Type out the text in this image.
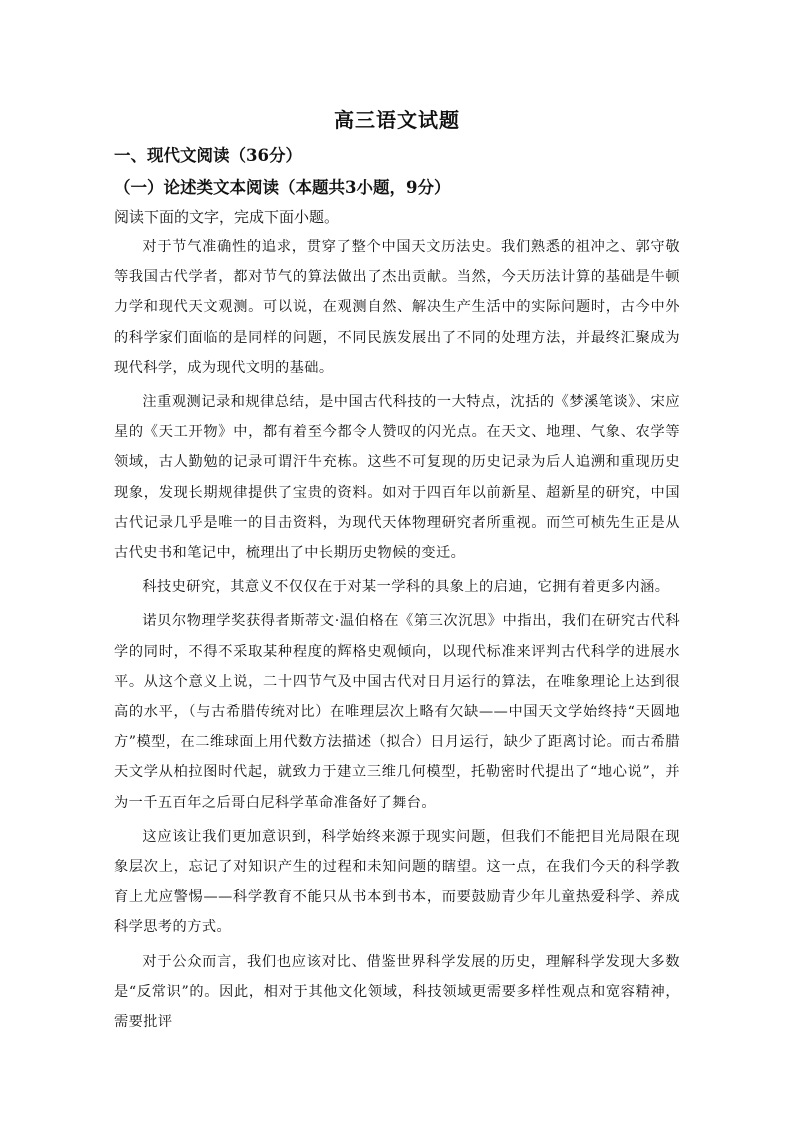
高三语文试题
一、现代文阅读（36分）
（一）论述类文本阅读（本题共3小题，9分）
阅读下面的文字，完成下面小题。

对于节气准确性的追求，贯穿了整个中国天文历法史。我们熟悉的祖冲之、郭守敬等我国古代学者，都对节气的算法做出了杰出贡献。当然，今天历法计算的基础是牛顿力学和现代天文观测。可以说，在观测自然、解决生产生活中的实际问题时，古今中外的科学家们面临的是同样的问题，不同民族发展出了不同的处理方法，并最终汇聚成为现代科学，成为现代文明的基础。

注重观测记录和规律总结，是中国古代科技的一大特点，沈括的《梦溪笔谈》、宋应星的《天工开物》中，都有着至今都令人赞叹的闪光点。在天文、地理、气象、农学等领域，古人勤勉的记录可谓汗牛充栋。这些不可复现的历史记录为后人追溯和重现历史现象，发现长期规律提供了宝贵的资料。如对于四百年以前新星、超新星的研究，中国古代记录几乎是唯一的目击资料，为现代天体物理研究者所重视。而竺可桢先生正是从古代史书和笔记中，梳理出了中长期历史物候的变迁。

科技史研究，其意义不仅仅在于对某一学科的具象上的启迪，它拥有着更多内涵。

诺贝尔物理学奖获得者斯蒂文·温伯格在《第三次沉思》中指出，我们在研究古代科学的同时，不得不采取某种程度的辉格史观倾向，以现代标准来评判古代科学的进展水平。从这个意义上说，二十四节气及中国古代对日月运行的算法，在唯象理论上达到很高的水平，（与古希腊传统对比）在唯理层次上略有欠缺——中国天文学始终持“天圆地方”模型，在二维球面上用代数方法描述（拟合）日月运行，缺少了距离讨论。而古希腊天文学从柏拉图时代起，就致力于建立三维几何模型，托勒密时代提出了“地心说”，并为一千五百年之后哥白尼科学革命准备好了舞台。

这应该让我们更加意识到，科学始终来源于现实问题，但我们不能把目光局限在现象层次上，忘记了对知识产生的过程和未知问题的瞎望。这一点，在我们今天的科学教育上尤应警惕——科学教育不能只从书本到书本，而要鼓励青少年儿童热爱科学、养成科学思考的方式。

对于公众而言，我们也应该对比、借鉴世界科学发展的历史，理解科学发现大多数是“反常识”的。因此，相对于其他文化领域，科技领域更需要多样性观点和宽容精神，需要批评
